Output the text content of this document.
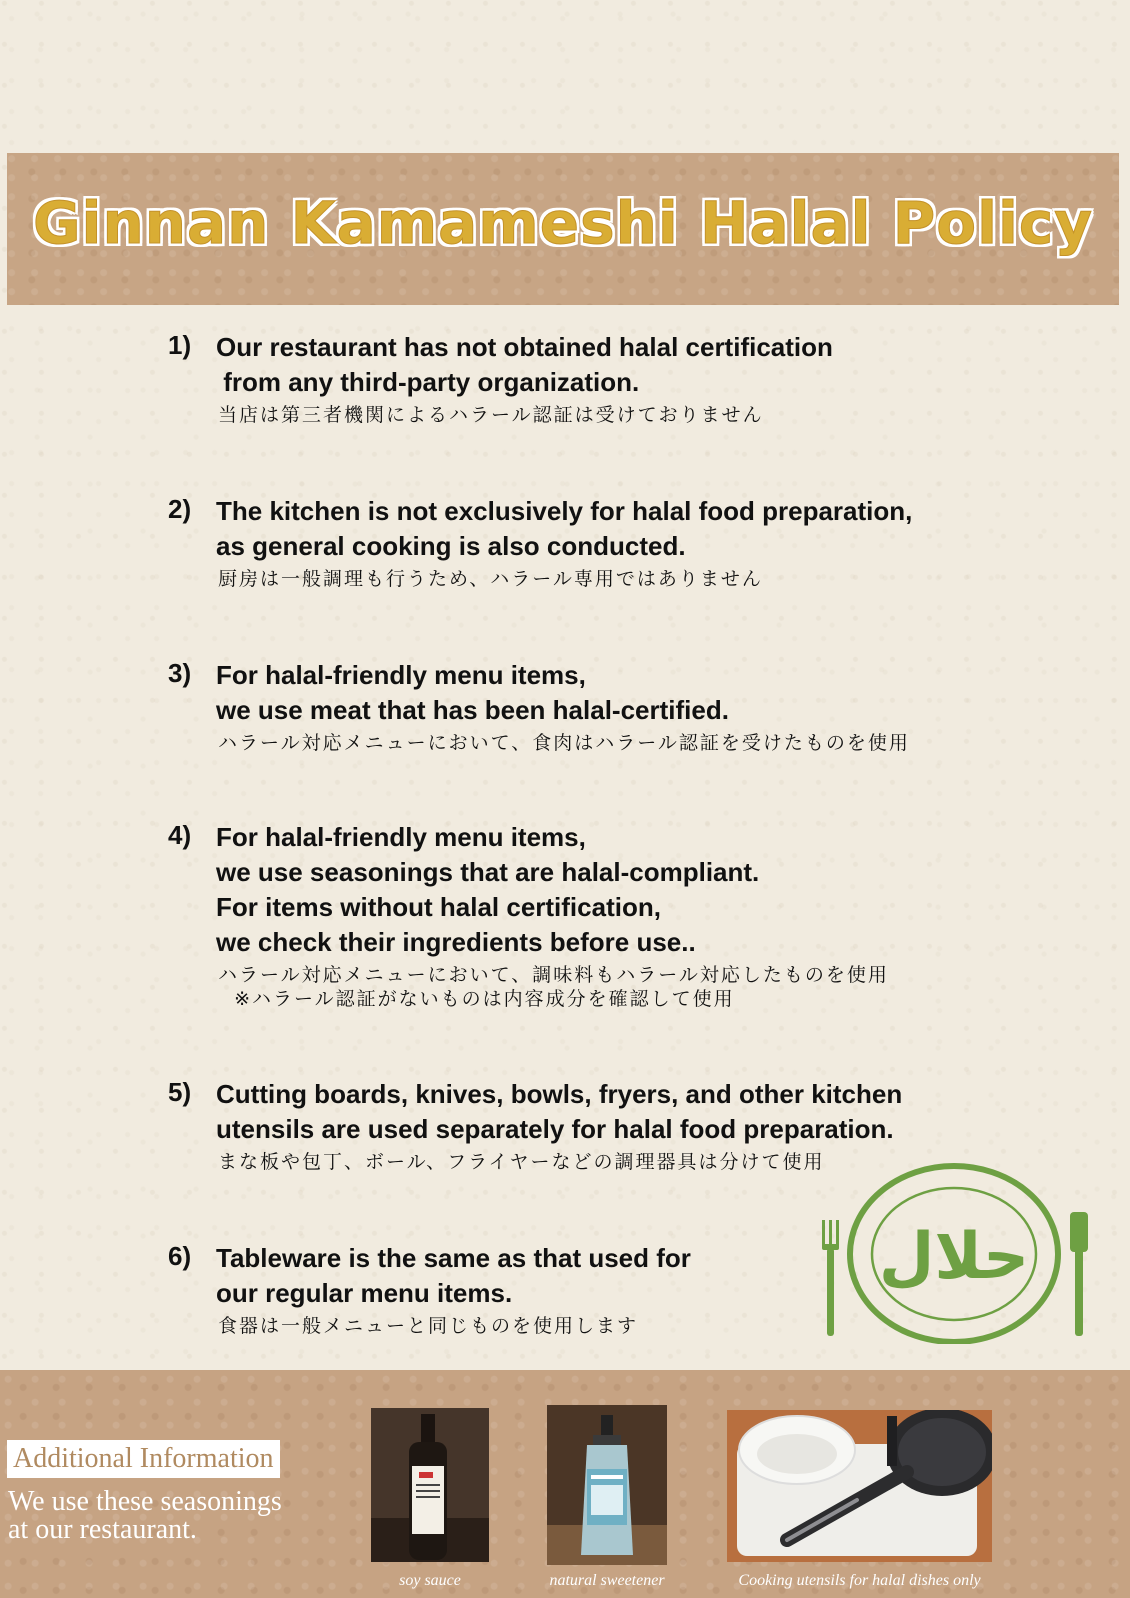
Ginnan Kamameshi Halal Policy
1) Our restaurant has not obtained halal certification
from any third-party organization.

当店は第三者機関によるハラール認証は受けておりません
2) The kitchen is not exclusively for halal food preparation,
as general cooking is also conducted.

厨房は一般調理も行うため、ハラール専用ではありません
3) For halal-friendly menu items,
we use meat that has been halal-certified.

ハラール対応メニューにおいて、食肉はハラール認証を受けたものを使用
4) For halal-friendly menu items,
we use seasonings that are halal-compliant.
For items without halal certification,
we check their ingredients before use..

ハラール対応メニューにおいて、調味料もハラール対応したものを使用
※ハラール認証がないものは内容成分を確認して使用
5) Cutting boards, knives, bowls, fryers, and other kitchen
utensils are used separately for halal food preparation.

まな板や包丁、ボール、フライヤーなどの調理器具は分けて使用
6) Tableware is the same as that used for
our regular menu items.

食器は一般メニューと同じものを使用します
حلال
Additional Information
We use these seasonings
at our restaurant.
soy sauce	natural sweetener	Cooking utensils for halal dishes only
